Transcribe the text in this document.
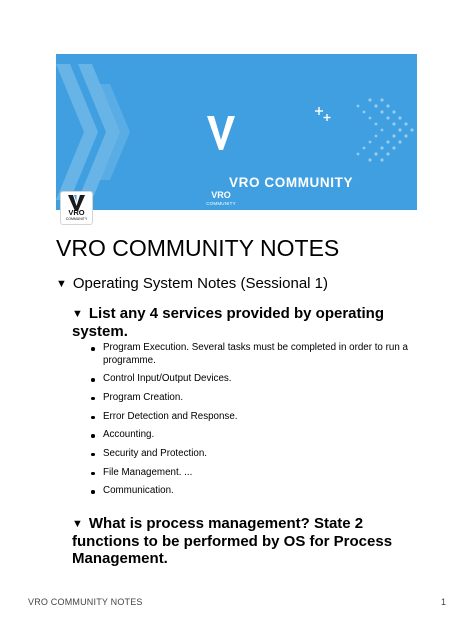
VRO
COMMUNITY
VRO COMMUNITY
VRO
COMMUNITY
VRO COMMUNITY NOTES
▼ Operating System Notes (Sessional 1)
▼ List any 4 services provided by operating system.
Program Execution. Several tasks must be completed in order to run a programme.
Control Input/Output Devices.
Program Creation.
Error Detection and Response.
Accounting.
Security and Protection.
File Management. ...
Communication.
▼ What is process management? State 2 functions to be performed by OS for Process Management.
VRO COMMUNITY NOTES	1
